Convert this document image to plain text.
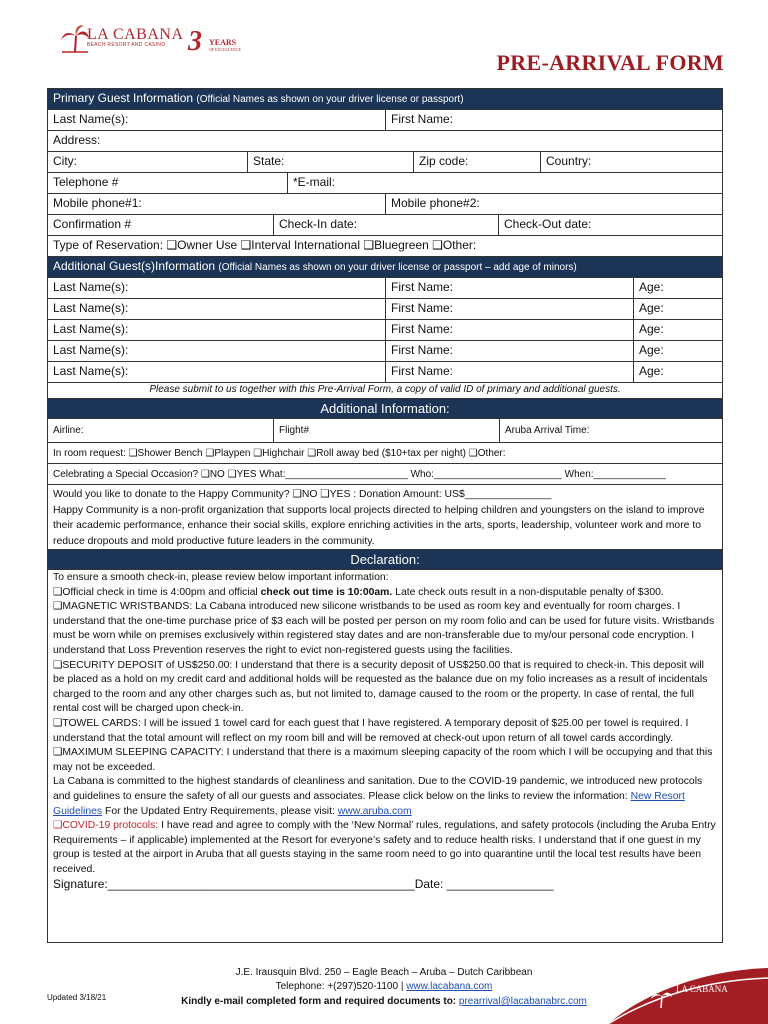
LA CABANA
BEACH RESORT AND CASINO 3 YEARS
OF EXCELLENCE
PRE-ARRIVAL FORM
Primary Guest Information (Official Names as shown on your driver license or passport)
Last Name(s):	First Name:
Address:
City:	State:	Zip code:	Country:
Telephone #	*E-mail:
Mobile phone#1:	Mobile phone#2:
Confirmation #	Check-In date:	Check-Out date:
Type of Reservation: ❑Owner Use ❑Interval International ❑Bluegreen ❑Other:
Additional Guest(s)Information (Official Names as shown on your driver license or passport – add age of minors)
Last Name(s):	First Name:	Age:
Last Name(s):	First Name:	Age:
Last Name(s):	First Name:	Age:
Last Name(s):	First Name:	Age:
Last Name(s):	First Name:	Age:
Please submit to us together with this Pre-Arrival Form, a copy of valid ID of primary and additional guests.
Additional Information:
Airline:	Flight#	Aruba Arrival Time:
In room request: ❑Shower Bench ❑Playpen ❑Highchair ❑Roll away bed ($10+tax per night) ❑Other:
Celebrating a Special Occasion? ❑NO ❑YES What:______________________ Who:_______________________ When:_____________
Would you like to donate to the Happy Community? ❑NO ❑YES : Donation Amount: US$_______________
Happy Community is a non-profit organization that supports local projects directed to helping children and youngsters on the island to improve their academic performance, enhance their social skills, explore enriching activities in the arts, sports, leadership, volunteer work and more to reduce dropouts and mold productive future leaders in the community.
Declaration:
To ensure a smooth check-in, please review below important information:
❑Official check in time is 4:00pm and official check out time is 10:00am. Late check outs result in a non-disputable penalty of $300.
❑MAGNETIC WRISTBANDS: La Cabana introduced new silicone wristbands to be used as room key and eventually for room charges. I understand that the one-time purchase price of $3 each will be posted per person on my room folio and can be used for future visits. Wristbands must be worn while on premises exclusively within registered stay dates and are non-transferable due to my/our personal code encryption. I understand that Loss Prevention reserves the right to evict non-registered guests using the facilities.
❑SECURITY DEPOSIT of US$250.00: I understand that there is a security deposit of US$250.00 that is required to check-in. This deposit will be placed as a hold on my credit card and additional holds will be requested as the balance due on my folio increases as a result of incidentals charged to the room and any other charges such as, but not limited to, damage caused to the room or the property. In case of rental, the full rental cost will be charged upon check-in.
❑TOWEL CARDS: I will be issued 1 towel card for each guest that I have registered. A temporary deposit of $25.00 per towel is required. I understand that the total amount will reflect on my room bill and will be removed at check-out upon return of all towel cards accordingly.
❑MAXIMUM SLEEPING CAPACITY: I understand that there is a maximum sleeping capacity of the room which I will be occupying and that this may not be exceeded.
La Cabana is committed to the highest standards of cleanliness and sanitation. Due to the COVID-19 pandemic, we introduced new protocols and guidelines to ensure the safety of all our guests and associates. Please click below on the links to review the information: New Resort Guidelines For the Updated Entry Requirements, please visit: www.aruba.com
❑COVID-19 protocols: I have read and agree to comply with the ‘New Normal’ rules, regulations, and safety protocols (including the Aruba Entry Requirements – if applicable) implemented at the Resort for everyone’s safety and to reduce health risks. I understand that if one guest in my group is tested at the airport in Aruba that all guests staying in the same room need to go into quarantine until the local test results have been received.
Signature:______________________________________________Date: ________________
J.E. Irausquin Blvd. 250 – Eagle Beach – Aruba – Dutch Caribbean
Telephone: +(297)520-1100 | www.lacabana.com
Kindly e-mail completed form and required documents to: prearrival@lacabanabrc.com
Updated 3/18/21
LA CABANA
